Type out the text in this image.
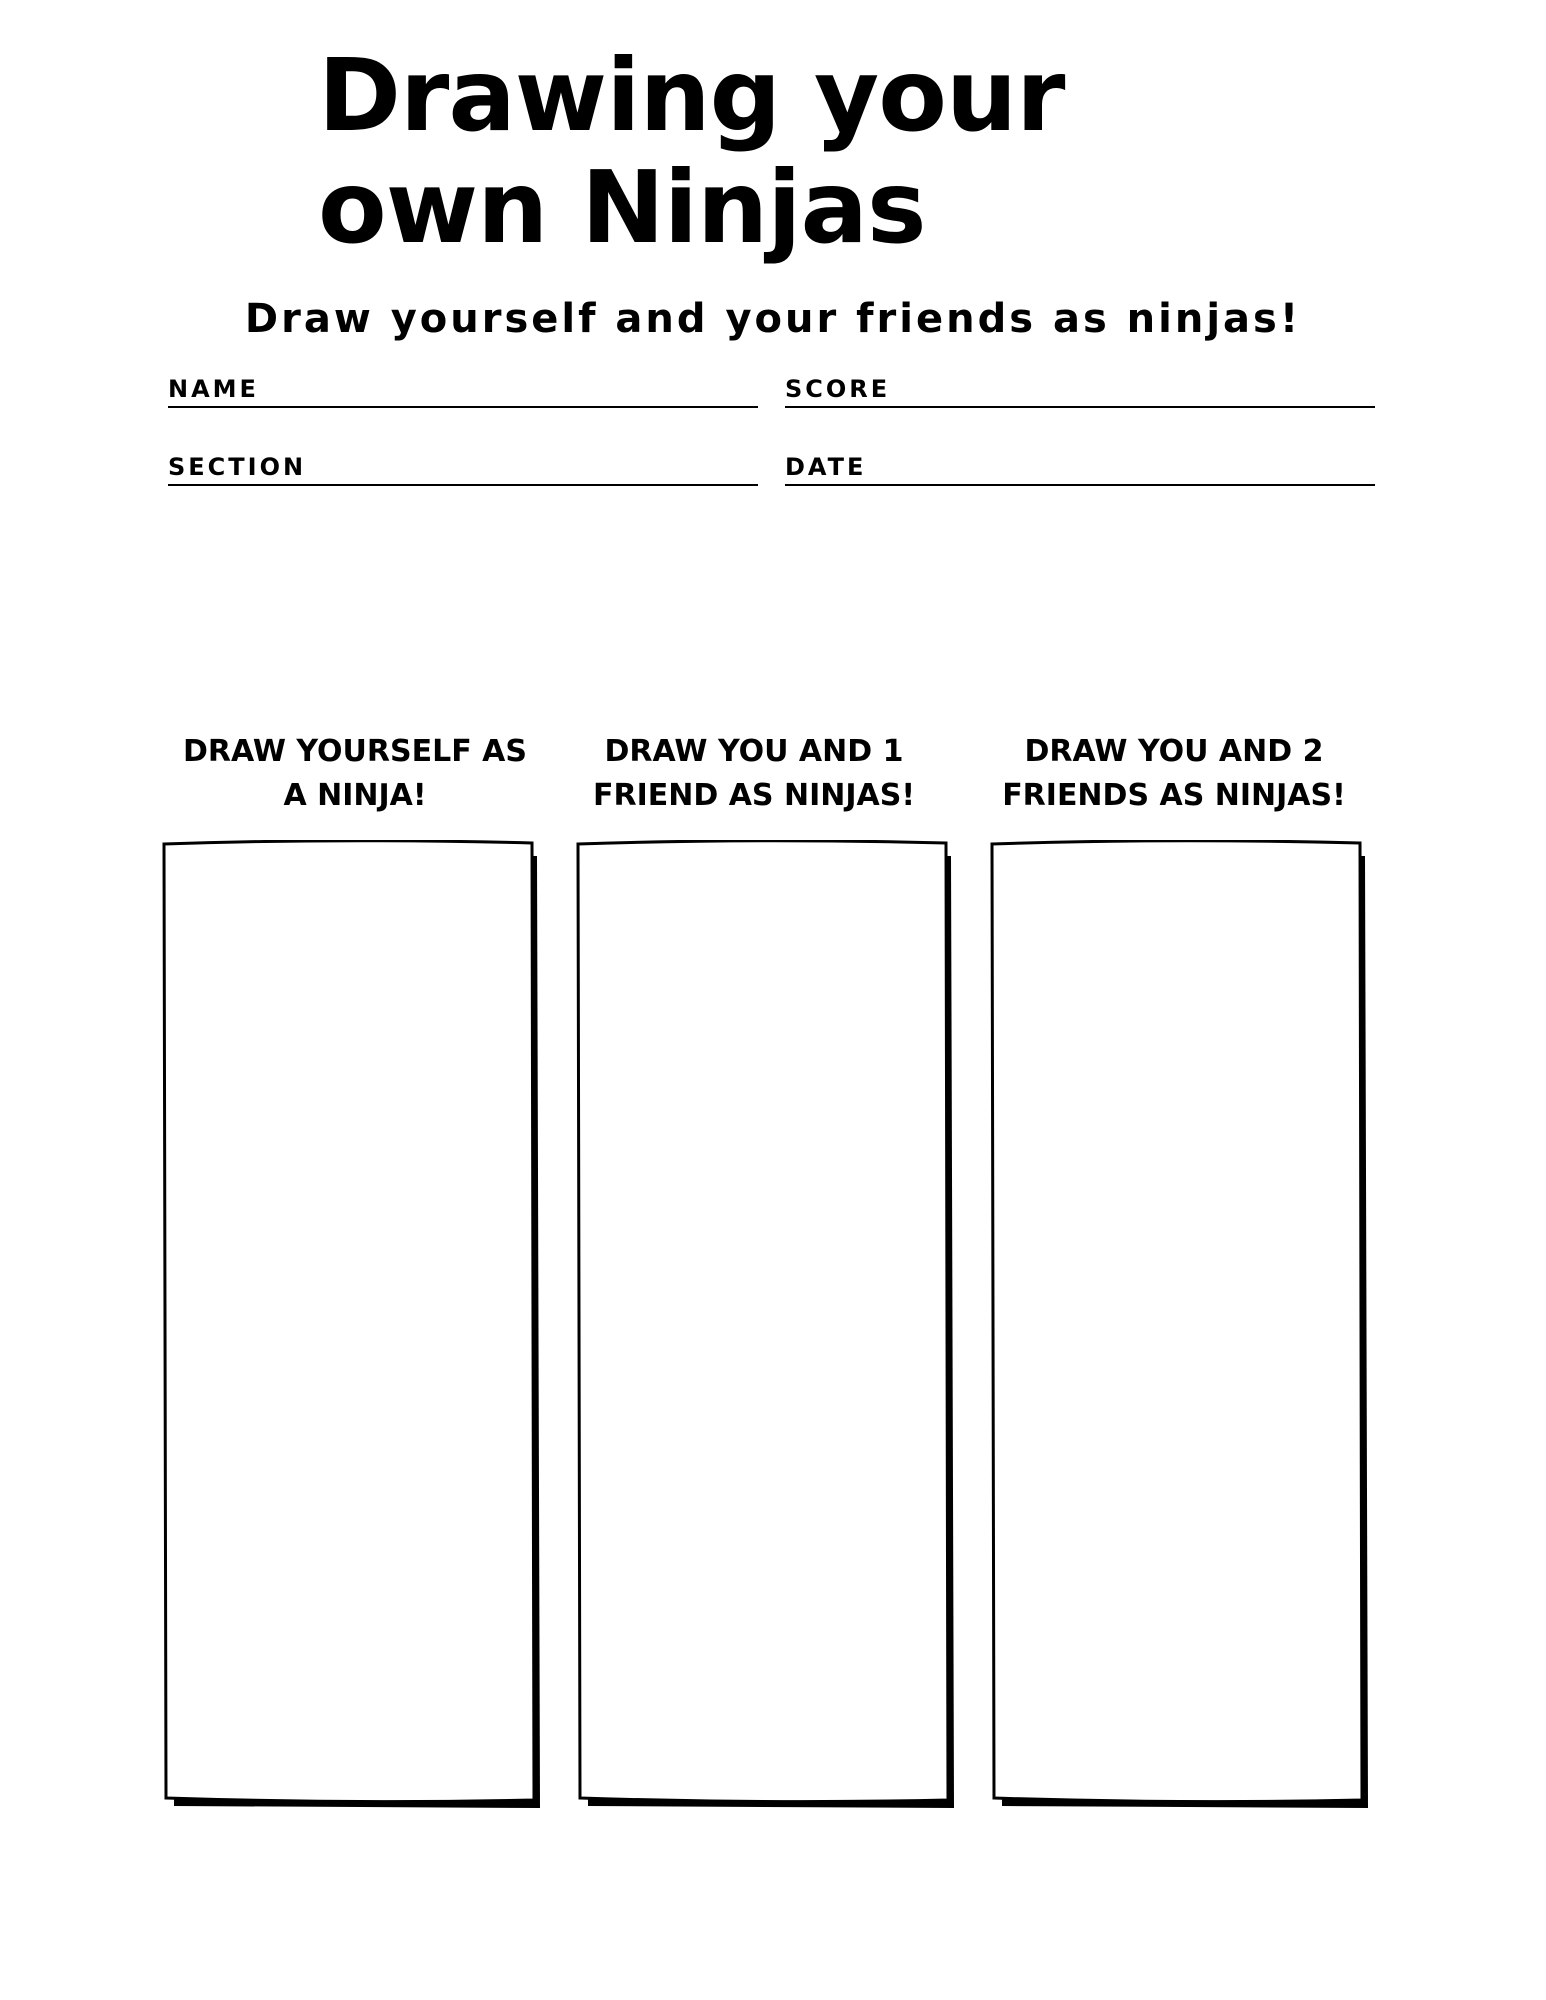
Drawing your own Ninjas

Draw yourself and your friends as ninjas!

NAME	SCORE
SECTION	DATE
DRAW YOURSELF AS
A NINJA!
DRAW YOU AND 1
FRIEND AS NINJAS!
DRAW YOU AND 2
FRIENDS AS NINJAS!
